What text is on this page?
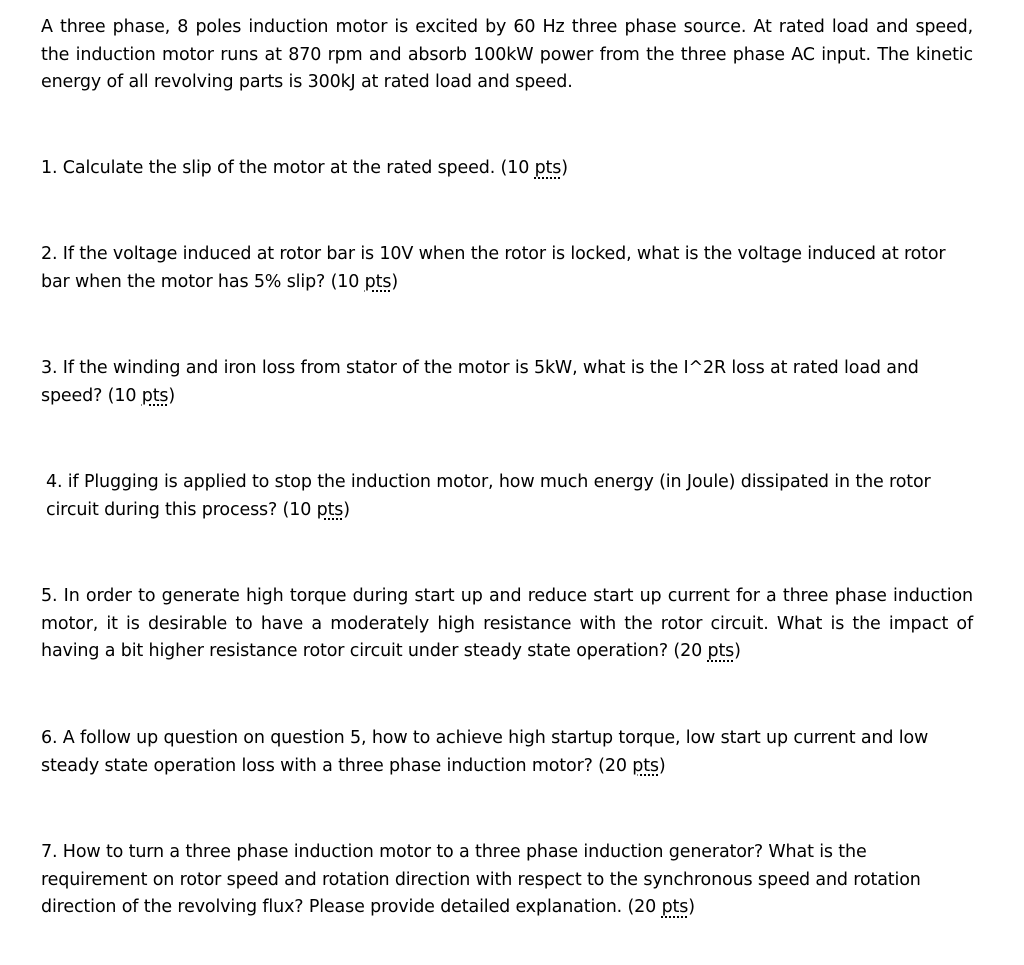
A three phase, 8 poles induction motor is excited by 60 Hz three phase source. At rated load and speed, the induction motor runs at 870 rpm and absorb 100kW power from the three phase AC input. The kinetic energy of all revolving parts is 300kJ at rated load and speed.

1. Calculate the slip of the motor at the rated speed. (10 pts)

2. If the voltage induced at rotor bar is 10V when the rotor is locked, what is the voltage induced at rotor bar when the motor has 5% slip? (10 pts)

3. If the winding and iron loss from stator of the motor is 5kW, what is the I^2R loss at rated load and speed? (10 pts)

4. if Plugging is applied to stop the induction motor, how much energy (in Joule) dissipated in the rotor circuit during this process? (10 pts)

5. In order to generate high torque during start up and reduce start up current for a three phase induction motor, it is desirable to have a moderately high resistance with the rotor circuit. What is the impact of having a bit higher resistance rotor circuit under steady state operation? (20 pts)

6. A follow up question on question 5, how to achieve high startup torque, low start up current and low steady state operation loss with a three phase induction motor? (20 pts)

7. How to turn a three phase induction motor to a three phase induction generator? What is the requirement on rotor speed and rotation direction with respect to the synchronous speed and rotation direction of the revolving flux? Please provide detailed explanation. (20 pts)
